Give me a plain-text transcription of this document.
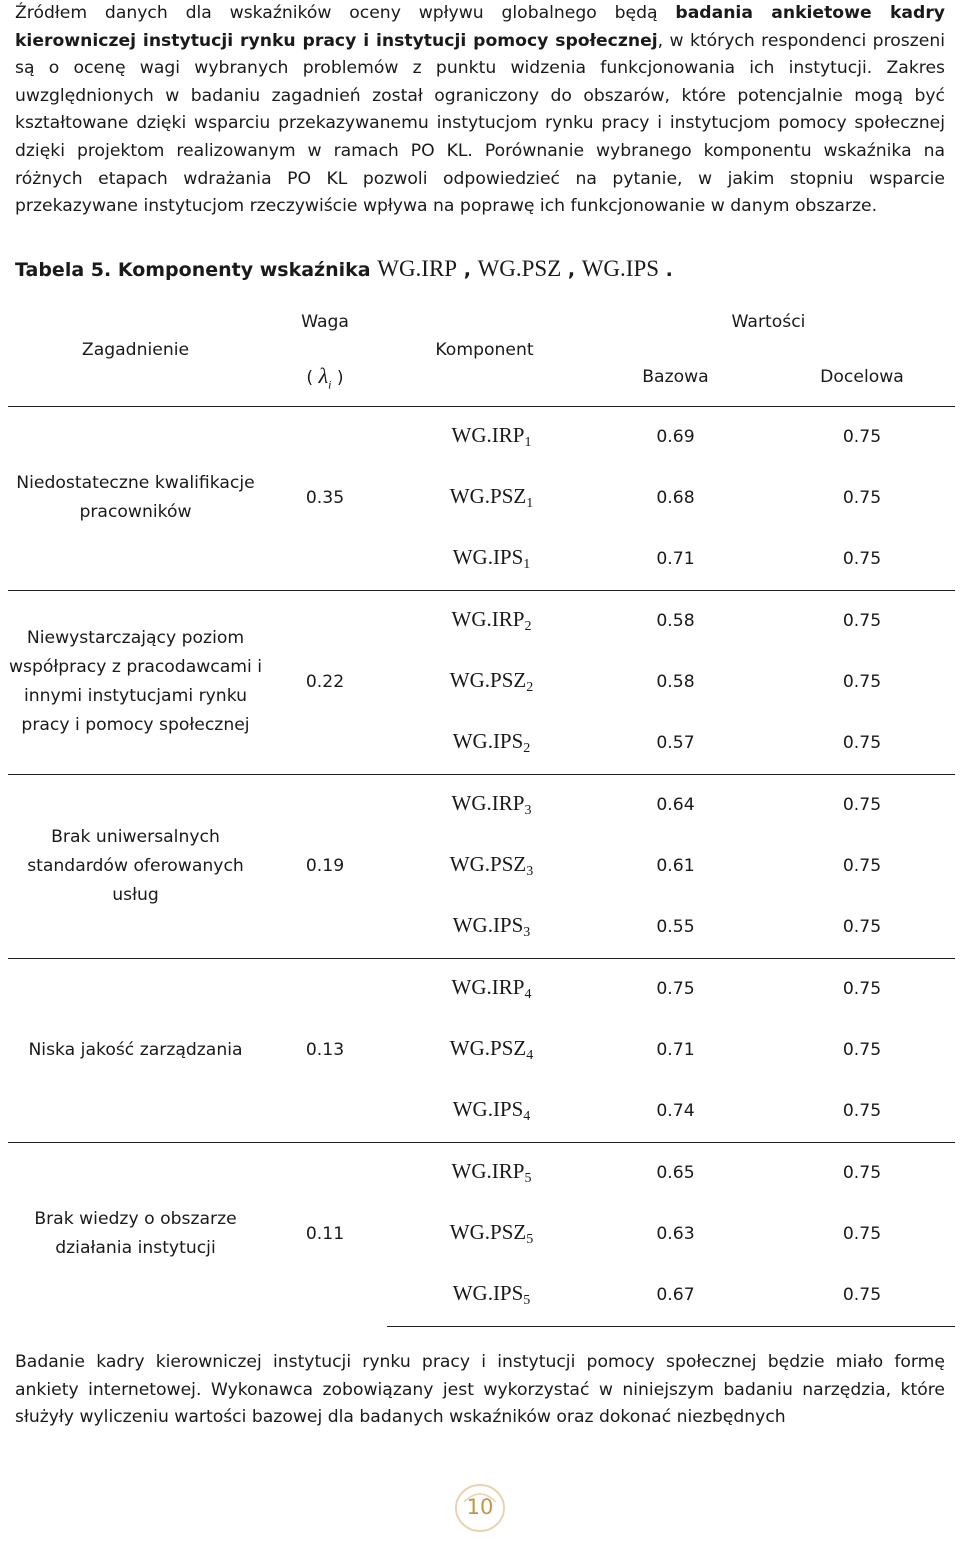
Źródłem danych dla wskaźników oceny wpływu globalnego będą badania ankietowe kadry kierowniczej instytucji rynku pracy i instytucji pomocy społecznej, w których respondenci proszeni są o ocenę wagi wybranych problemów z punktu widzenia funkcjonowania ich instytucji. Zakres uwzględnionych w badaniu zagadnień został ograniczony do obszarów, które potencjalnie mogą być kształtowane dzięki wsparciu przekazywanemu instytucjom rynku pracy i instytucjom pomocy społecznej dzięki projektom realizowanym w ramach PO KL. Porównanie wybranego komponentu wskaźnika na różnych etapach wdrażania PO KL pozwoli odpowiedzieć na pytanie, w jakim stopniu wsparcie przekazywane instytucjom rzeczywiście wpływa na poprawę ich funkcjonowanie w danym obszarze.

Tabela 5. Komponenty wskaźnika WG.IRP , WG.PSZ , WG.IPS .
Zagadnienie	Waga	Komponent	Wartości	
	( $\lambda_i$ )		Bazowa	Docelowa
Niedostateczne kwalifikacje pracowników	0.35	$WG.IRP_1$	0.69	0.75
		$WG.PSZ_1$	0.68	0.75
		$WG.IPS_1$	0.71	0.75
Niewystarczający poziom współpracy z pracodawcami i innymi instytucjami rynku pracy i pomocy społecznej	0.22	$WG.IRP_2$	0.58	0.75
		$WG.PSZ_2$	0.58	0.75
		$WG.IPS_2$	0.57	0.75
Brak uniwersalnych standardów oferowanych usług	0.19	$WG.IRP_3$	0.64	0.75
		$WG.PSZ_3$	0.61	0.75
		$WG.IPS_3$	0.55	0.75
Niska jakość zarządzania	0.13	$WG.IRP_4$	0.75	0.75
		$WG.PSZ_4$	0.71	0.75
		$WG.IPS_4$	0.74	0.75
Brak wiedzy o obszarze działania instytucji	0.11	$WG.IRP_5$	0.65	0.75
		$WG.PSZ_5$	0.63	0.75
		$WG.IPS_5$	0.67	0.75

Badanie kadry kierowniczej instytucji rynku pracy i instytucji pomocy społecznej będzie miało formę ankiety internetowej. Wykonawca zobowiązany jest wykorzystać w niniejszym badaniu narzędzia, które służyły wyliczeniu wartości bazowej dla badanych wskaźników oraz dokonać niezbędnych

10
